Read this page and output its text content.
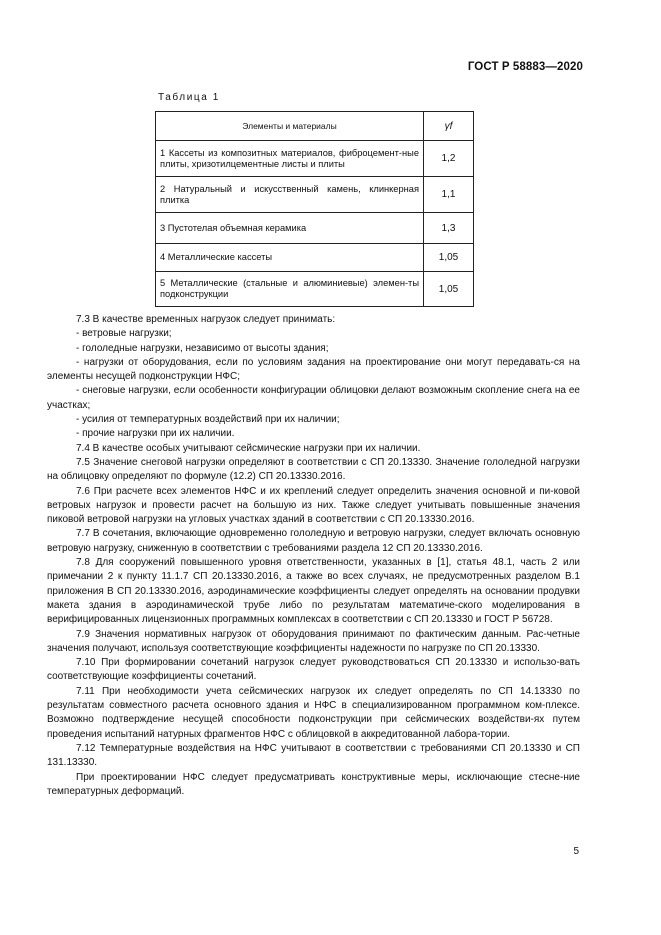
ГОСТ Р 58883—2020
Таблица 1
Элементы и материалы	γf
1 Кассеты из композитных материалов, фиброцемент-ные плиты, хризотилцементные листы и плиты	1,2
2 Натуральный и искусственный камень, клинкерная плитка	1,1
3 Пустотелая объемная керамика	1,3
4 Металлические кассеты	1,05
5 Металлические (стальные и алюминиевые) элемен-ты подконструкции	1,05

7.3 В качестве временных нагрузок следует принимать:

- ветровые нагрузки;

- гололедные нагрузки, независимо от высоты здания;

- нагрузки от оборудования, если по условиям задания на проектирование они могут передавать-ся на элементы несущей подконструкции НФС;

- снеговые нагрузки, если особенности конфигурации облицовки делают возможным скопление снега на ее участках;

- усилия от температурных воздействий при их наличии;

- прочие нагрузки при их наличии.

7.4 В качестве особых учитывают сейсмические нагрузки при их наличии.

7.5 Значение снеговой нагрузки определяют в соответствии с СП 20.13330. Значение гололедной нагрузки на облицовку определяют по формуле (12.2) СП 20.13330.2016.

7.6 При расчете всех элементов НФС и их креплений следует определить значения основной и пи-ковой ветровых нагрузок и провести расчет на большую из них. Также следует учитывать повышенные значения пиковой ветровой нагрузки на угловых участках зданий в соответствии с СП 20.13330.2016.

7.7 В сочетания, включающие одновременно гололедную и ветровую нагрузки, следует включать основную ветровую нагрузку, сниженную в соответствии с требованиями раздела 12 СП 20.13330.2016.

7.8 Для сооружений повышенного уровня ответственности, указанных в [1], статья 48.1, часть 2 или примечании 2 к пункту 11.1.7 СП 20.13330.2016, а также во всех случаях, не предусмотренных разделом В.1 приложения В СП 20.13330.2016, аэродинамические коэффициенты следует определять на основании продувки макета здания в аэродинамической трубе либо по результатам математиче-ского моделирования в верифицированных лицензионных программных комплексах в соответствии с СП 20.13330 и ГОСТ Р 56728.

7.9 Значения нормативных нагрузок от оборудования принимают по фактическим данным. Рас-четные значения получают, используя соответствующие коэффициенты надежности по нагрузке по СП 20.13330.

7.10 При формировании сочетаний нагрузок следует руководствоваться СП 20.13330 и использо-вать соответствующие коэффициенты сочетаний.

7.11 При необходимости учета сейсмических нагрузок их следует определять по СП 14.13330 по результатам совместного расчета основного здания и НФС в специализированном программном ком-плексе. Возможно подтверждение несущей способности подконструкции при сейсмических воздействи-ях путем проведения испытаний натурных фрагментов НФС с облицовкой в аккредитованной лабора-тории.

7.12 Температурные воздействия на НФС учитывают в соответствии с требованиями СП 20.13330 и СП 131.13330.

При проектировании НФС следует предусматривать конструктивные меры, исключающие стесне-ние температурных деформаций.

5
